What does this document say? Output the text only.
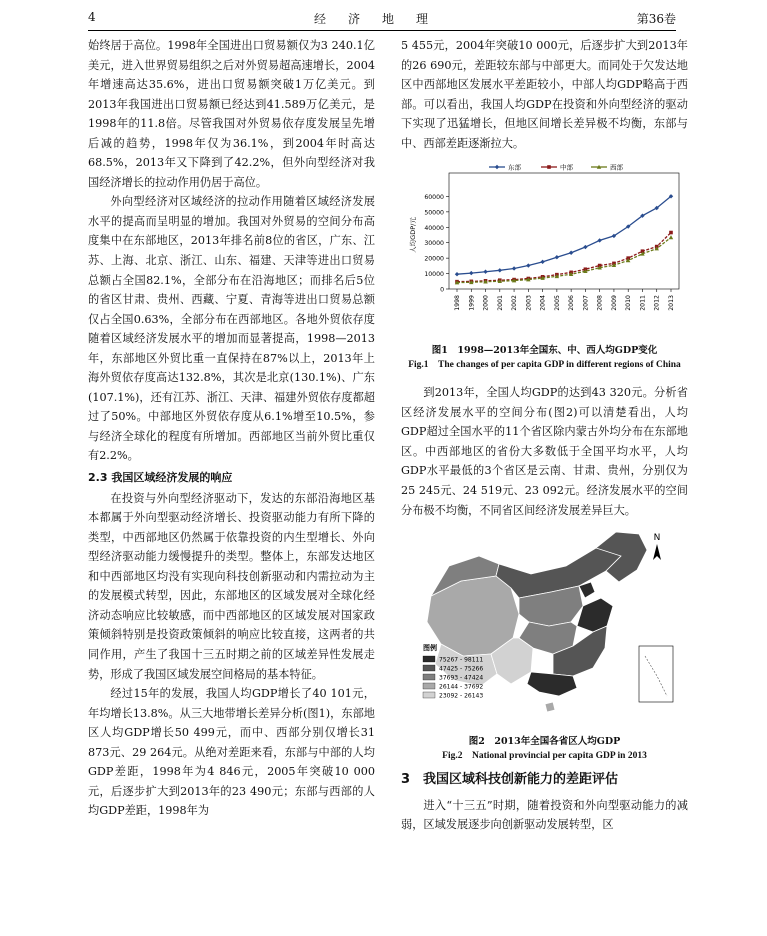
4	经济地理	第36卷

始终居于高位。1998年全国进出口贸易额仅为3 240.1亿美元，进入世界贸易组织之后对外贸易超高速增长，2004年增速高达35.6%，进出口贸易额突破1万亿美元。到2013年我国进出口贸易额已经达到41.589万亿美元，是1998年的11.8倍。尽管我国对外贸易依存度发展呈先增后减的趋势，1998年仅为36.1%，到2004年时高达68.5%，2013年又下降到了42.2%，但外向型经济对我国经济增长的拉动作用仍居于高位。

外向型经济对区域经济的拉动作用随着区域经济发展水平的提高而呈明显的增加。我国对外贸易的空间分布高度集中在东部地区，2013年排名前8位的省区，广东、江苏、上海、北京、浙江、山东、福建、天津等进出口贸易总额占全国82.1%，全部分布在沿海地区；而排名后5位的省区甘肃、贵州、西藏、宁夏、青海等进出口贸易总额仅占全国0.63%，全部分布在西部地区。各地外贸依存度随着区域经济发展水平的增加而显著提高，1998—2013年，东部地区外贸比重一直保持在87%以上，2013年上海外贸依存度高达132.8%，其次是北京(130.1%)、广东(107.1%)，还有江苏、浙江、天津、福建外贸依存度都超过了50%。中部地区外贸依存度从6.1%增至10.5%，参与经济全球化的程度有所增加。西部地区当前外贸比重仅有2.2%。

2.3 我国区域经济发展的响应

在投资与外向型经济驱动下，发达的东部沿海地区基本都属于外向型驱动经济增长、投资驱动能力有所下降的类型，中西部地区仍然属于依靠投资的内生型增长、外向型经济驱动能力缓慢提升的类型。整体上，东部发达地区和中西部地区均没有实现向科技创新驱动和内需拉动为主的发展模式转型，因此，东部地区的区域发展对全球化经济动态响应比较敏感，而中西部地区的区域发展对国家政策倾斜特别是投资政策倾斜的响应比较直接，这两者的共同作用，产生了我国十三五时期之前的区域差异性发展走势，形成了我国区域发展空间格局的基本特征。

经过15年的发展，我国人均GDP增长了40 101元，年均增长13.8%。从三大地带增长差异分析(图1)，东部地区人均GDP增长50 499元，而中、西部分别仅增长31 873元、29 264元。从绝对差距来看，东部与中部的人均GDP差距，1998年为4 846元，2005年突破10 000元，后逐步扩大到2013年的23 490元；东部与西部的人均GDP差距，1998年为

5 455元，2004年突破10 000元，后逐步扩大到2013年的26 690元，差距较东部与中部更大。而同处于欠发达地区中西部地区发展水平差距较小，中部人均GDP略高于西部。可以看出，我国人均GDP在投资和外向型经济的驱动下实现了迅猛增长，但地区间增长差异极不均衡，东部与中、西部差距逐渐拉大。

东部	中部	西部
0
10000
20000
30000
40000
50000
60000
人均GDP/元
1998 1999 2000 2001 2002 2003 2004 2005 2006 2007 2008 2009 2010 2011 2012 2013
图1　1998—2013年全国东、中、西人均GDP变化
Fig.1　The changes of per capita GDP in different regions of China

到2013年，全国人均GDP的达到43 320元。分析省区经济发展水平的空间分布(图2)可以清楚看出，人均GDP超过全国水平的11个省区除内蒙古外均分布在东部地区。中西部地区的省份大多数低于全国平均水平，人均GDP水平最低的3个省区是云南、甘肃、贵州，分别仅为25 245元、24 519元、23 092元。经济发展水平的空间分布极不均衡，不同省区间经济发展差异巨大。

N
图例
75267 - 98111
47425 - 75266
37693 - 47424
26144 - 37692
23092 - 26143
图2　2013年全国各省区人均GDP
Fig.2　National provincial per capita GDP in 2013
3　我国区域科技创新能力的差距评估

进入“十三五”时期，随着投资和外向型驱动能力的减弱，区域发展逐步向创新驱动发展转型，区
